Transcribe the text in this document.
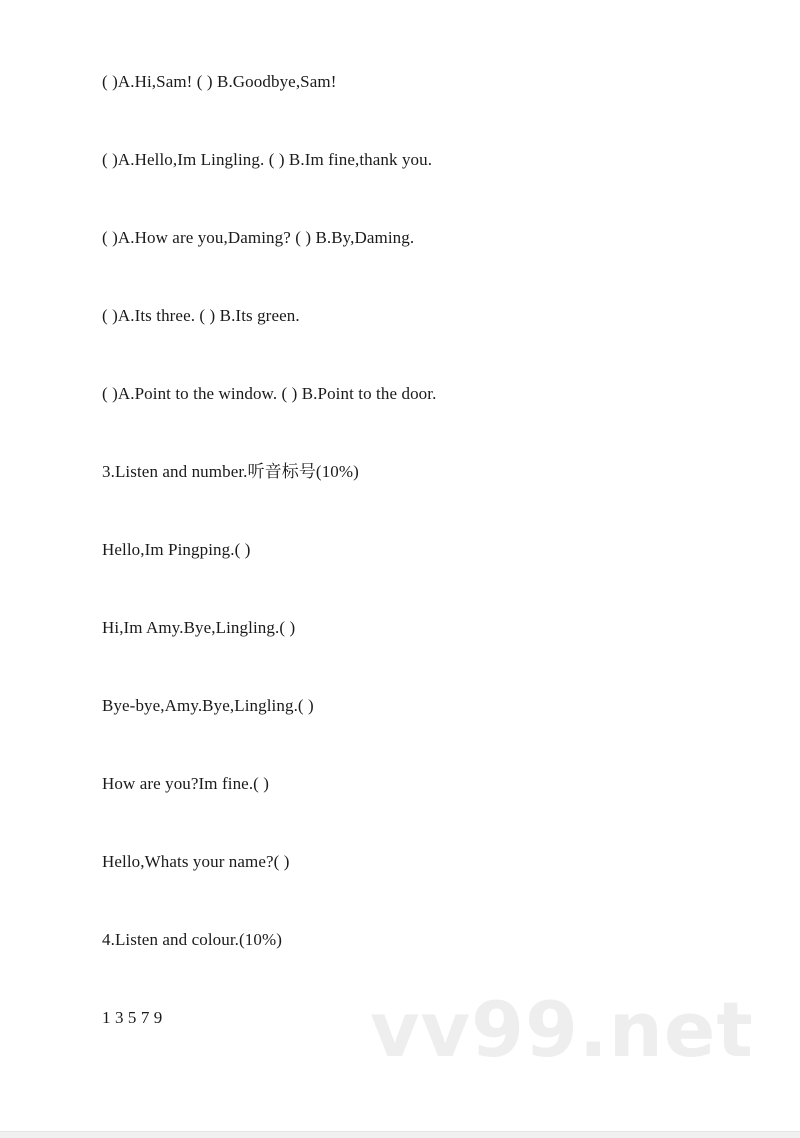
( )A.Hi,Sam! ( ) B.Goodbye,Sam!
( )A.Hello,Im Lingling. ( ) B.Im fine,thank you.
( )A.How are you,Daming? ( ) B.By,Daming.
( )A.Its three. ( ) B.Its green.
( )A.Point to the window. ( ) B.Point to the door.
3.Listen and number.听音标号(10%)
Hello,Im Pingping.( )
Hi,Im Amy.Bye,Lingling.( )
Bye-bye,Amy.Bye,Lingling.( )
How are you?Im fine.( )
Hello,Whats your name?( )
4.Listen and colour.(10%)
1 3 5 7 9	vv99.net
